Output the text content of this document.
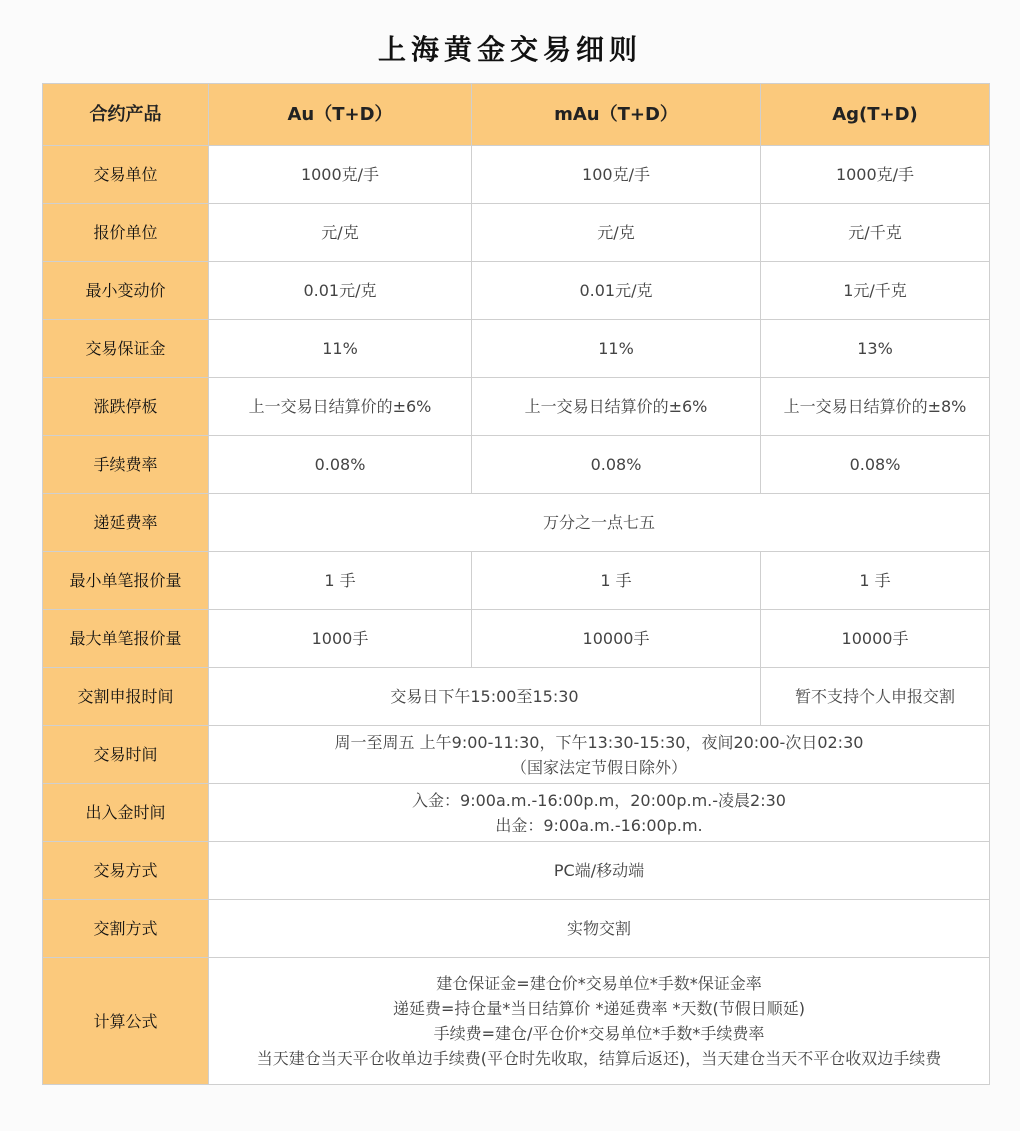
上海黄金交易细则
合约产品	Au（T+D）	mAu（T+D）	Ag(T+D)
交易单位	1000克/手	100克/手	1000克/手
报价单位	元/克	元/克	元/千克
最小变动价	0.01元/克	0.01元/克	1元/千克
交易保证金	11%	11%	13%
涨跌停板	上一交易日结算价的±6%	上一交易日结算价的±6%	上一交易日结算价的±8%
手续费率	0.08%	0.08%	0.08%
递延费率	万分之一点七五		
最小单笔报价量	1 手	1 手	1 手
最大单笔报价量	1000手	10000手	10000手
交割申报时间	交易日下午15:00至15:30		暂不支持个人申报交割
交易时间	周一至周五 上午9:00-11:30，下午13:30-15:30，夜间20:00-次日02:30
（国家法定节假日除外）		

出入金时间	入金：9:00a.m.-16:00p.m，20:00p.m.-凌晨2:30
出金：9:00a.m.-16:00p.m.		

交易方式	PC端/移动端		
交割方式	实物交割		
计算公式	建仓保证金=建仓价*交易单位*手数*保证金率
递延费=持仓量*当日结算价 *递延费率 *天数(节假日顺延)
手续费=建仓/平仓价*交易单位*手数*手续费率
当天建仓当天平仓收单边手续费(平仓时先收取，结算后返还)，当天建仓当天不平仓收双边手续费		
